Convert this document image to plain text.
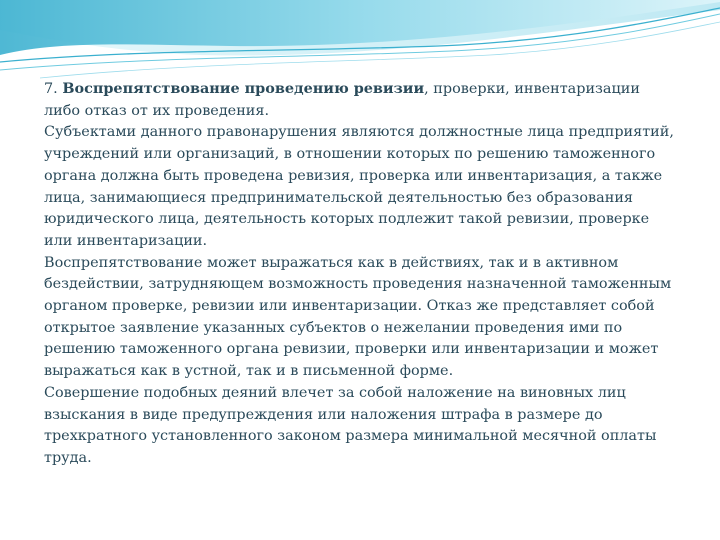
7. Воспрепятствование проведению ревизии, проверки, инвентаризации либо отказ от их проведения.

Субъектами данного правонарушения являются должностные лица предприятий, учреждений или организаций, в отношении которых по решению таможенного органа должна быть проведена ревизия, проверка или инвентаризация, а также лица, занимающиеся предпринимательской деятельностью без образования юридического лица, деятельность которых подлежит такой ревизии, проверке или инвентаризации.

Воспрепятствование может выражаться как в действиях, так и в активном бездействии, затрудняющем возможность проведения назначенной таможенным органом проверке, ревизии или инвентаризации. Отказ же представляет собой открытое заявление указанных субъектов о нежелании проведения ими по решению таможенного органа ревизии, проверки или инвентаризации и может выражаться как в устной, так и в письменной форме.

Совершение подобных деяний влечет за собой наложение на виновных лиц взыскания в виде предупреждения или наложения штрафа в размере до трехкратного установленного законом размера минимальной месячной оплаты труда.
